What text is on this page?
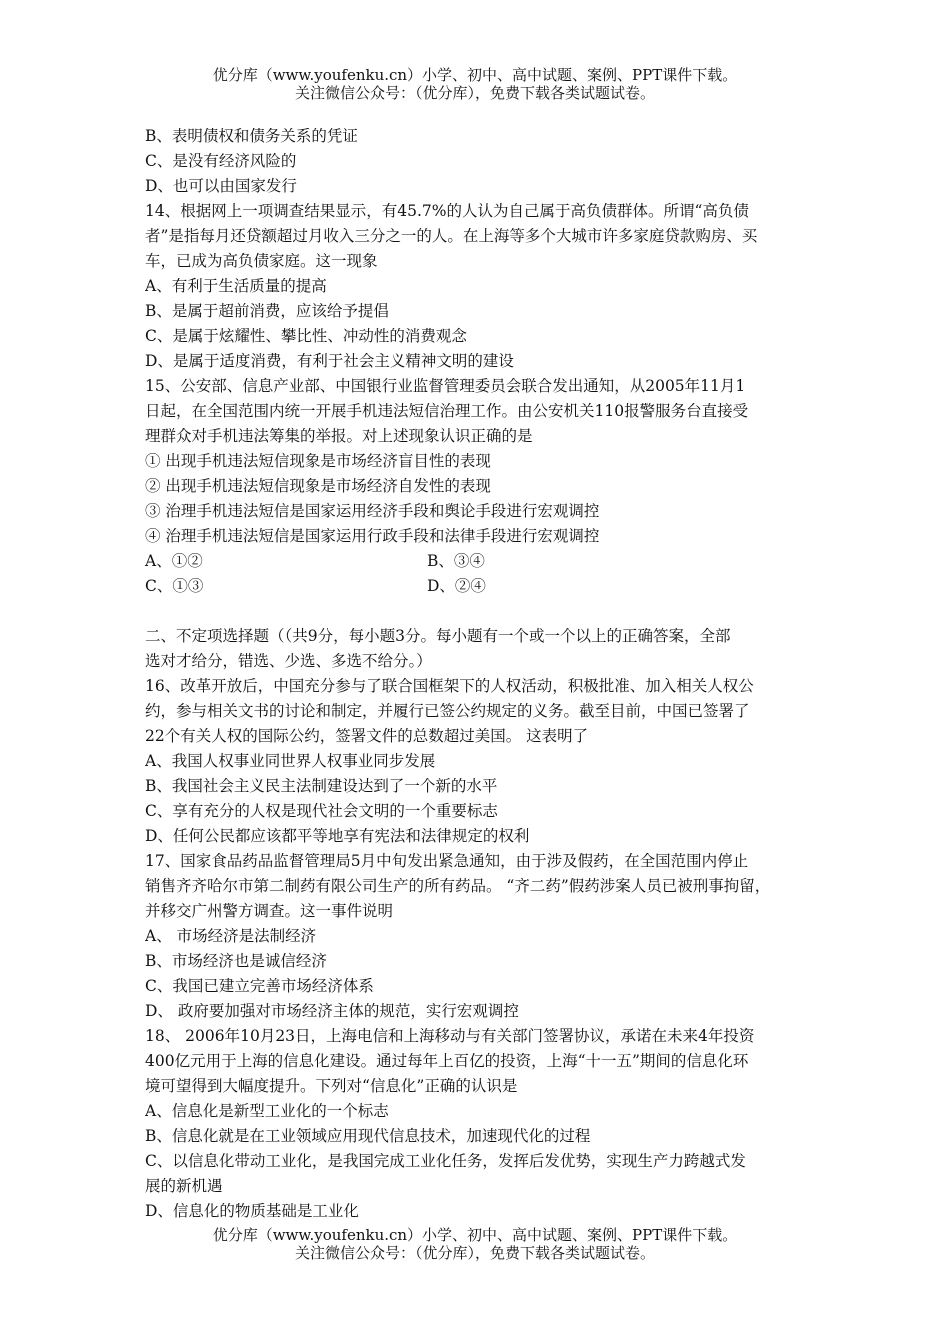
优分库（www.youfenku.cn）小学、初中、高中试题、案例、PPT课件下载。
关注微信公众号：（优分库），免费下载各类试题试卷。
B、表明债权和债务关系的凭证
C、是没有经济风险的
D、也可以由国家发行
14、根据网上一项调查结果显示，有45.7%的人认为自己属于高负债群体。所谓“高负债
者”是指每月还贷额超过月收入三分之一的人。在上海等多个大城市许多家庭贷款购房、买
车，已成为高负债家庭。这一现象
A、有利于生活质量的提高
B、是属于超前消费，应该给予提倡
C、是属于炫耀性、攀比性、冲动性的消费观念
D、是属于适度消费，有利于社会主义精神文明的建设
15、公安部、信息产业部、中国银行业监督管理委员会联合发出通知，从2005年11月1
日起，在全国范围内统一开展手机违法短信治理工作。由公安机关110报警服务台直接受
理群众对手机违法筹集的举报。对上述现象认识正确的是
① 出现手机违法短信现象是市场经济盲目性的表现
② 出现手机违法短信现象是市场经济自发性的表现
③ 治理手机违法短信是国家运用经济手段和舆论手段进行宏观调控
④ 治理手机违法短信是国家运用行政手段和法律手段进行宏观调控
A、①②	B、③④
C、①③	D、②④
二、不定项选择题（（共9分，每小题3分。每小题有一个或一个以上的正确答案，全部
选对才给分，错选、少选、多选不给分。）
16、改革开放后，中国充分参与了联合国框架下的人权活动，积极批准、加入相关人权公
约，参与相关文书的讨论和制定，并履行已签公约规定的义务。截至目前，中国已签署了
22个有关人权的国际公约，签署文件的总数超过美国。 这表明了
A、我国人权事业同世界人权事业同步发展
B、我国社会主义民主法制建设达到了一个新的水平
C、享有充分的人权是现代社会文明的一个重要标志
D、任何公民都应该都平等地享有宪法和法律规定的权利
17、国家食品药品监督管理局5月中旬发出紧急通知，由于涉及假药，在全国范围内停止
销售齐齐哈尔市第二制药有限公司生产的所有药品。 “齐二药”假药涉案人员已被刑事拘留，
并移交广州警方调查。这一事件说明
A、 市场经济是法制经济
B、市场经济也是诚信经济
C、我国已建立完善市场经济体系
D、 政府要加强对市场经济主体的规范，实行宏观调控
18、 2006年10月23日，上海电信和上海移动与有关部门签署协议，承诺在未来4年投资
400亿元用于上海的信息化建设。通过每年上百亿的投资，上海“十一五”期间的信息化环
境可望得到大幅度提升。下列对“信息化”正确的认识是
A、信息化是新型工业化的一个标志
B、信息化就是在工业领域应用现代信息技术，加速现代化的过程
C、以信息化带动工业化，是我国完成工业化任务，发挥后发优势，实现生产力跨越式发
展的新机遇
D、信息化的物质基础是工业化
优分库（www.youfenku.cn）小学、初中、高中试题、案例、PPT课件下载。
关注微信公众号：（优分库），免费下载各类试题试卷。
